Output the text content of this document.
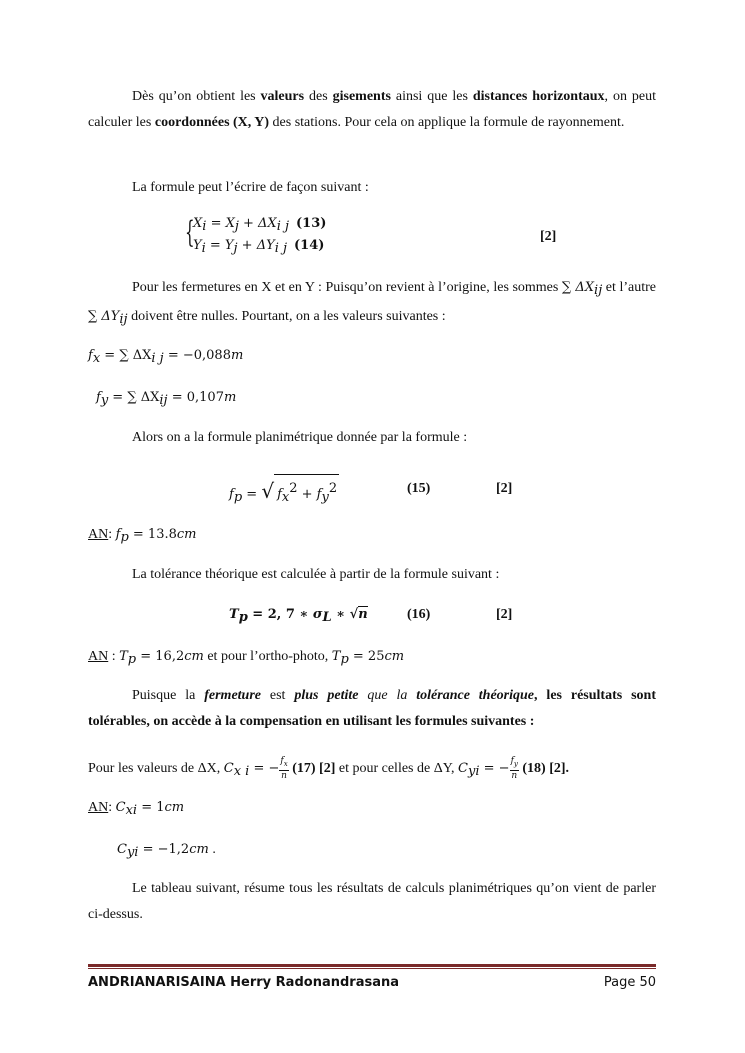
Dès qu’on obtient les valeurs des gisements ainsi que les distances horizontaux, on peut calculer les coordonnées (X, Y) des stations. Pour cela on applique la formule de rayonnement.
La formule peut l’écrire de façon suivant :
{
$X_i = X_j + \Delta X_{i j}$ (13)
$Y_i = Y_j + \Delta Y_{i j}$ (14)
[2]
Pour les fermetures en X et en Y : Puisqu’on revient à l’origine, les sommes ∑ $\Delta X_{ij}$ et l’autre ∑ $\Delta Y_{ij}$ doivent être nulles. Pourtant, on a les valeurs suivantes :
$f_x$ = ∑ $\Delta X_{i j} = -0,088m$
$f_y$ = ∑ $\Delta X_{ij} = 0,107m$
Alors on a la formule planimétrique donnée par la formule :
$f_p$ = √ $f_x^2 + f_y^2$	(15)	[2]
AN: $f_p = 13.8cm$
La tolérance théorique est calculée à partir de la formule suivant :
$T_p = 2$, 7 ∗ $\sigma_L$ ∗ √n	(16)	[2]
AN : $T_p = 16,2cm$ et pour l’ortho-photo, $T_p = 25cm$
Puisque la fermeture est plus petite que la tolérance théorique, les résultats sont tolérables, on accède à la compensation en utilisant les formules suivantes :
Pour les valeurs de ΔX, $C_{x i}$ = − $\frac{f_x}{n} (17)$ [2] et pour celles de ΔY, $C_{yi}$ = − $\frac{f_y}{n} (18)$ [2].
AN: $C_{xi} = 1cm$
$C_{yi} = -1,2cm$ .
Le tableau suivant, résume tous les résultats de calculs planimétriques qu’on vient de parler ci-dessus.
ANDRIANARISAINA Herry Radonandrasana	Page 50
